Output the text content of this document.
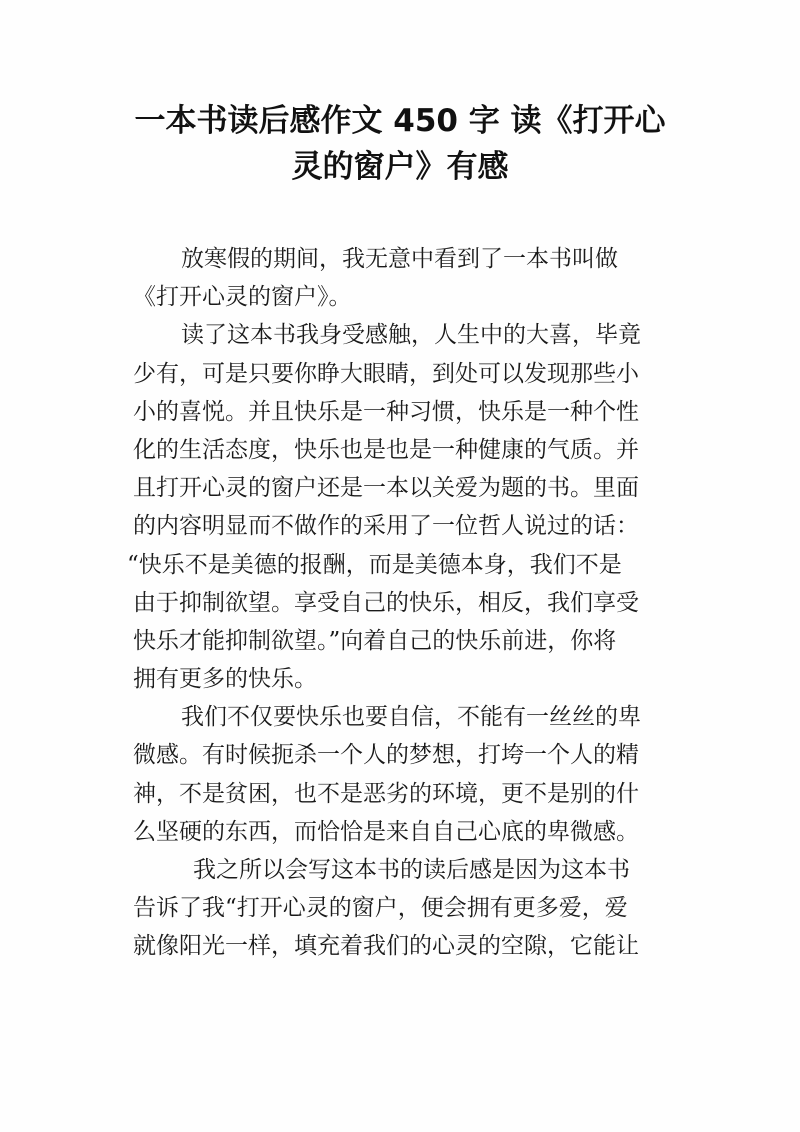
一本书读后感作文 450 字 读《打开心
灵的窗户》有感
放寒假的期间，我无意中看到了一本书叫做
《打开心灵的窗户》。
读了这本书我身受感触，人生中的大喜，毕竟
少有，可是只要你睁大眼睛，到处可以发现那些小
小的喜悦。并且快乐是一种习惯，快乐是一种个性
化的生活态度，快乐也是也是一种健康的气质。并
且打开心灵的窗户还是一本以关爱为题的书。里面
的内容明显而不做作的采用了一位哲人说过的话：
“快乐不是美德的报酬，而是美德本身，我们不是
由于抑制欲望。享受自己的快乐，相反，我们享受
快乐才能抑制欲望。”向着自己的快乐前进，你将
拥有更多的快乐。
我们不仅要快乐也要自信，不能有一丝丝的卑
微感。有时候扼杀一个人的梦想，打垮一个人的精
神，不是贫困，也不是恶劣的环境，更不是别的什
么坚硬的东西，而恰恰是来自自己心底的卑微感。
我之所以会写这本书的读后感是因为这本书
告诉了我“打开心灵的窗户，便会拥有更多爱，爱
就像阳光一样，填充着我们的心灵的空隙，它能让
